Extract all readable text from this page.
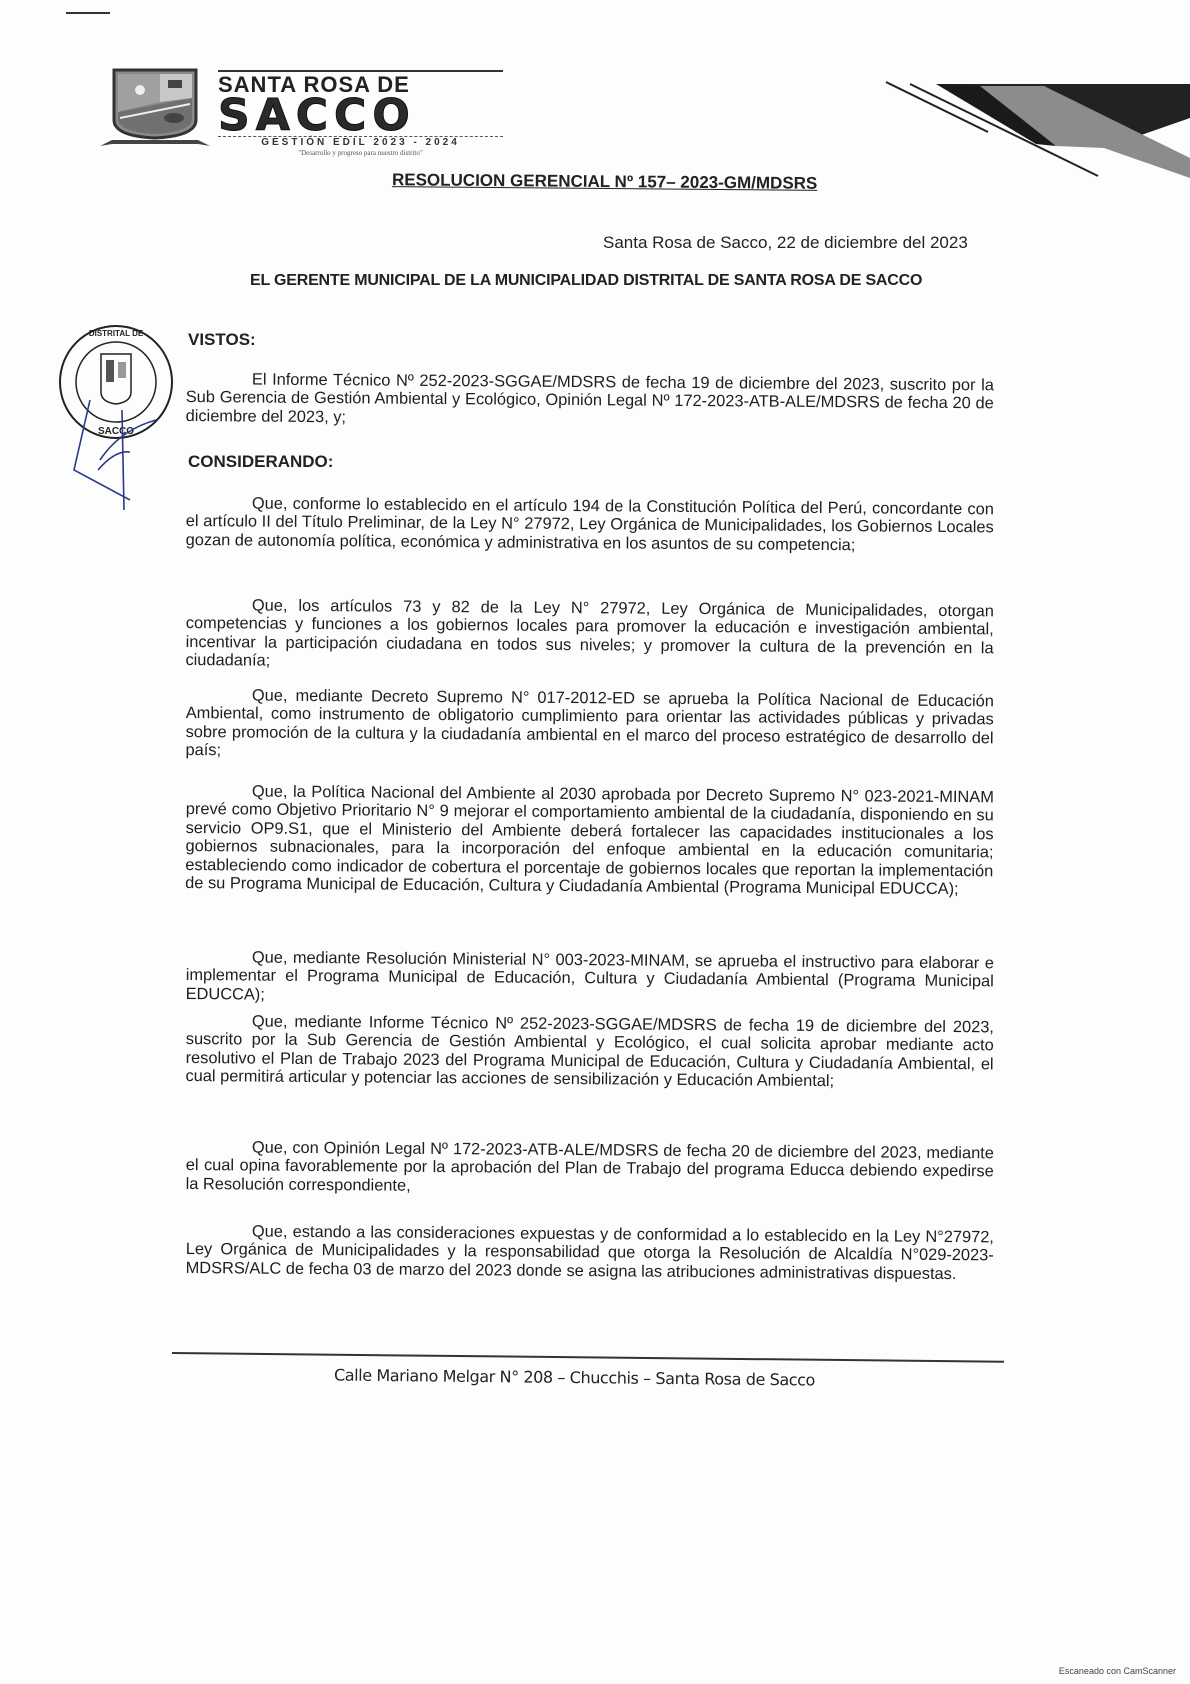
SANTA ROSA DE
SACCO
GESTIÓN EDIL 2023 - 2024
"Desarrollo y progreso para nuestro distrito"
RESOLUCION GERENCIAL Nº 157– 2023-GM/MDSRS
Santa Rosa de Sacco, 22 de diciembre del 2023
EL GERENTE MUNICIPAL DE LA MUNICIPALIDAD DISTRITAL DE SANTA ROSA DE SACCO
SACCO
DISTRITAL DE	VISTOS:
El Informe Técnico Nº 252-2023-SGGAE/MDSRS de fecha 19 de diciembre del 2023, suscrito por la Sub Gerencia de Gestión Ambiental y Ecológico, Opinión Legal Nº 172-2023-ATB-ALE/MDSRS de fecha 20 de diciembre del 2023, y;
CONSIDERANDO:
Que, conforme lo establecido en el artículo 194 de la Constitución Política del Perú, concordante con el artículo II del Título Preliminar, de la Ley N° 27972, Ley Orgánica de Municipalidades, los Gobiernos Locales gozan de autonomía política, económica y administrativa en los asuntos de su competencia;
Que, los artículos 73 y 82 de la Ley N° 27972, Ley Orgánica de Municipalidades, otorgan competencias y funciones a los gobiernos locales para promover la educación e investigación ambiental, incentivar la participación ciudadana en todos sus niveles; y promover la cultura de la prevención en la ciudadanía;
Que, mediante Decreto Supremo N° 017-2012-ED se aprueba la Política Nacional de Educación Ambiental, como instrumento de obligatorio cumplimiento para orientar las actividades públicas y privadas sobre promoción de la cultura y la ciudadanía ambiental en el marco del proceso estratégico de desarrollo del país;
Que, la Política Nacional del Ambiente al 2030 aprobada por Decreto Supremo N° 023-2021-MINAM prevé como Objetivo Prioritario N° 9 mejorar el comportamiento ambiental de la ciudadanía, disponiendo en su servicio OP9.S1, que el Ministerio del Ambiente deberá fortalecer las capacidades institucionales a los gobiernos subnacionales, para la incorporación del enfoque ambiental en la educación comunitaria; estableciendo como indicador de cobertura el porcentaje de gobiernos locales que reportan la implementación de su Programa Municipal de Educación, Cultura y Ciudadanía Ambiental (Programa Municipal EDUCCA);
Que, mediante Resolución Ministerial N° 003-2023-MINAM, se aprueba el instructivo para elaborar e implementar el Programa Municipal de Educación, Cultura y Ciudadanía Ambiental (Programa Municipal EDUCCA);
Que, mediante Informe Técnico Nº 252-2023-SGGAE/MDSRS de fecha 19 de diciembre del 2023, suscrito por la Sub Gerencia de Gestión Ambiental y Ecológico, el cual solicita aprobar mediante acto resolutivo el Plan de Trabajo 2023 del Programa Municipal de Educación, Cultura y Ciudadanía Ambiental, el cual permitirá articular y potenciar las acciones de sensibilización y Educación Ambiental;
Que, con Opinión Legal Nº 172-2023-ATB-ALE/MDSRS de fecha 20 de diciembre del 2023, mediante el cual opina favorablemente por la aprobación del Plan de Trabajo del programa Educca debiendo expedirse la Resolución correspondiente,
Que, estando a las consideraciones expuestas y de conformidad a lo establecido en la Ley N°27972, Ley Orgánica de Municipalidades y la responsabilidad que otorga la Resolución de Alcaldía N°029-2023-MDSRS/ALC de fecha 03 de marzo del 2023 donde se asigna las atribuciones administrativas dispuestas.
Calle Mariano Melgar N° 208 – Chucchis – Santa Rosa de Sacco
Escaneado con CamScanner
